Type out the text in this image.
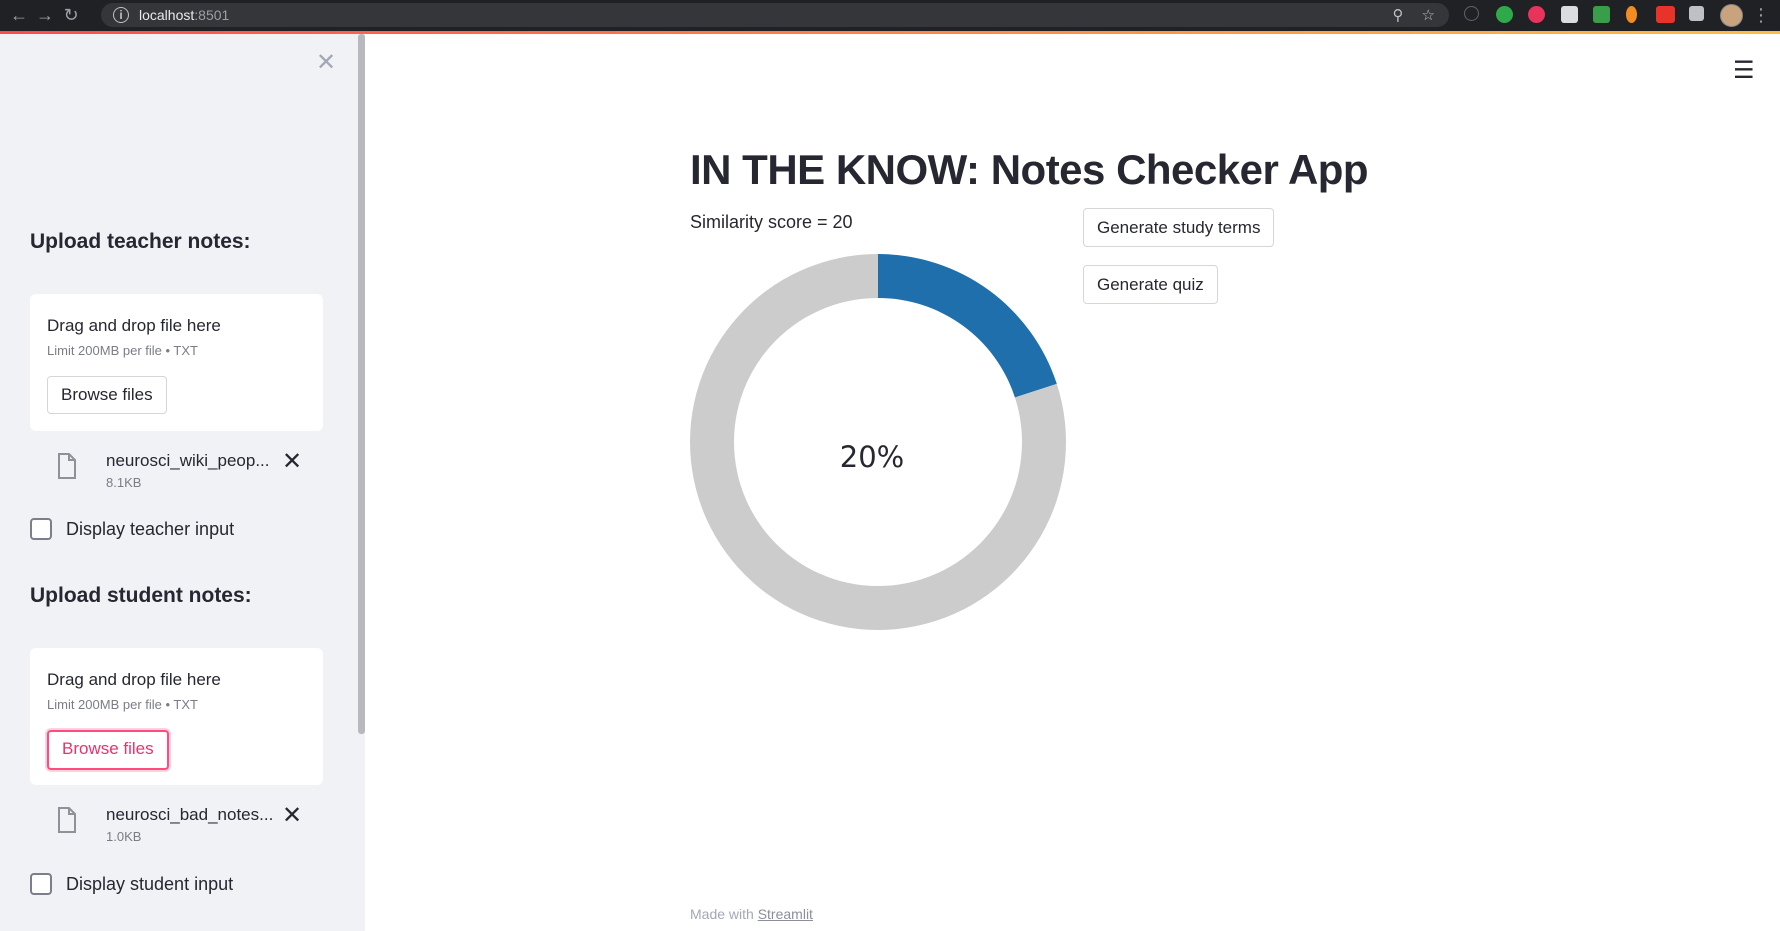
← → ↻	i	localhost:8501	⚲ ☆	⋮
✕
Upload teacher notes:
Drag and drop file here
Limit 200MB per file • TXT
Browse files
neurosci_wiki_peop...
8.1KB
✕
Display teacher input
Upload student notes:
Drag and drop file here
Limit 200MB per file • TXT
Browse files
neurosci_bad_notes...
1.0KB
✕
Display student input
☰
IN THE KNOW: Notes Checker App
Similarity score = 20
20%
Generate study terms
Generate quiz
Made with Streamlit
